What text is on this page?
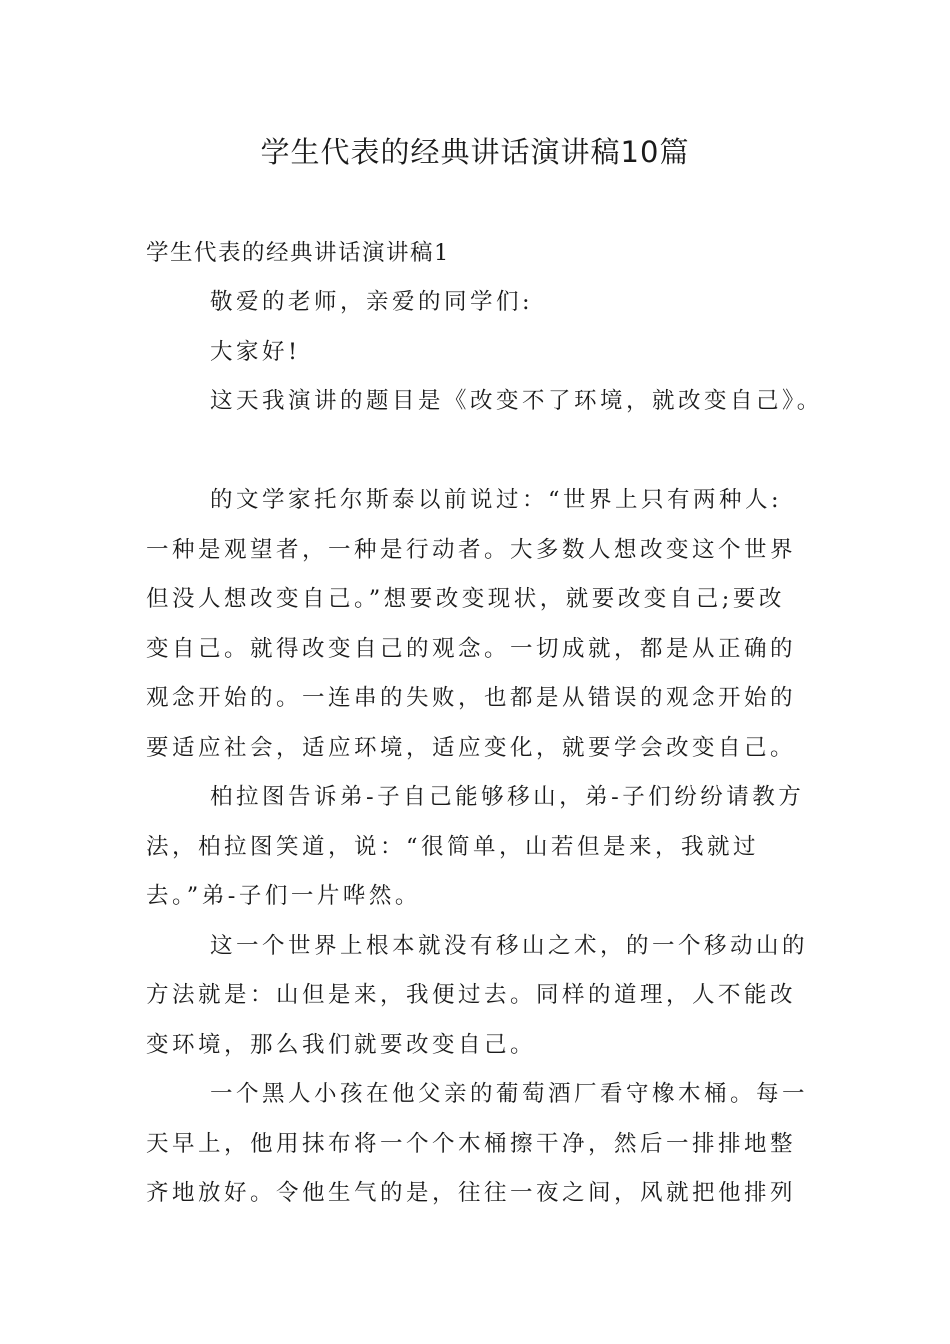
学生代表的经典讲话演讲稿10篇
学生代表的经典讲话演讲稿1
敬爱的老师，亲爱的同学们:
大家好!
这天我演讲的题目是《改变不了环境，就改变自己》。
的文学家托尔斯泰以前说过：“世界上只有两种人:
一种是观望者，一种是行动者。大多数人想改变这个世界
但没人想改变自己。”想要改变现状，就要改变自己;要改
变自己。就得改变自己的观念。一切成就，都是从正确的
观念开始的。一连串的失败，也都是从错误的观念开始的
要适应社会，适应环境，适应变化，就要学会改变自己。
柏拉图告诉弟-子自己能够移山，弟-子们纷纷请教方
法，柏拉图笑道，说：“很简单，山若但是来，我就过
去。”弟-子们一片哗然。
这一个世界上根本就没有移山之术，的一个移动山的
方法就是：山但是来，我便过去。同样的道理，人不能改
变环境，那么我们就要改变自己。
一个黑人小孩在他父亲的葡萄酒厂看守橡木桶。每一
天早上，他用抹布将一个个木桶擦干净，然后一排排地整
齐地放好。令他生气的是，往往一夜之间，风就把他排列
